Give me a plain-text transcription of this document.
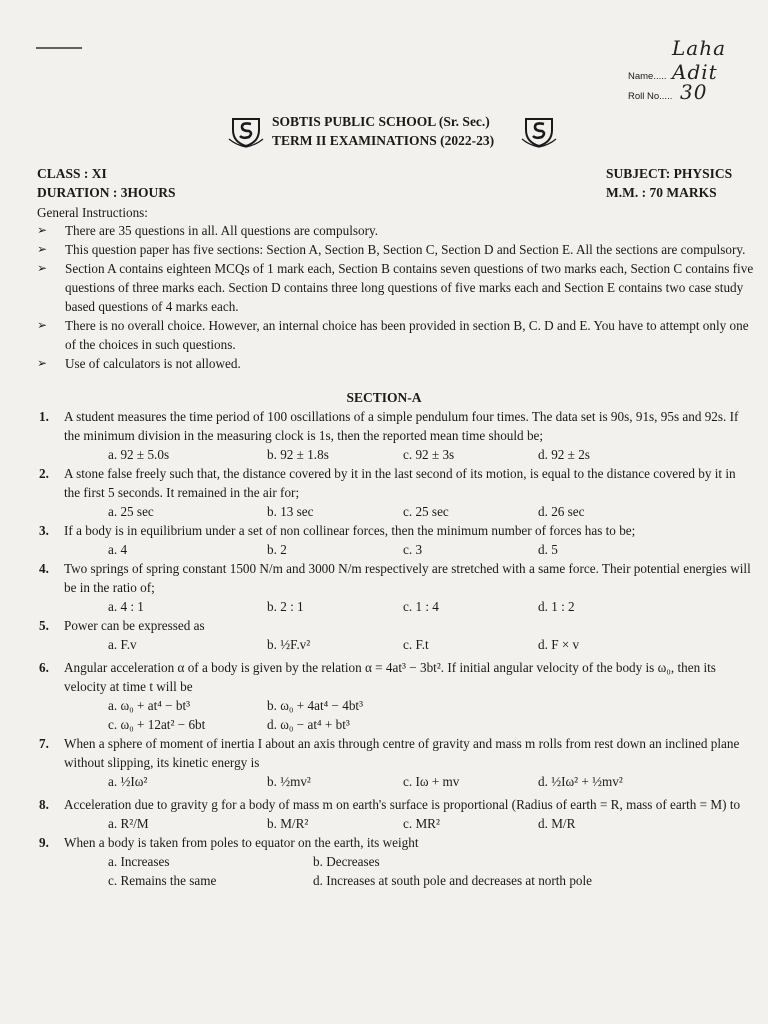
Name.....
Laha Adit
Roll No..... 30
SOBTIS PUBLIC SCHOOL (Sr. Sec.)
TERM II EXAMINATIONS (2022-23)
CLASS : XI
DURATION : 3HOURS
SUBJECT: PHYSICS
M.M. : 70 MARKS
General Instructions:
➢ There are 35 questions in all. All questions are compulsory.
➢ This question paper has five sections: Section A, Section B, Section C, Section D and Section E. All the sections are compulsory.
➢ Section A contains eighteen MCQs of 1 mark each, Section B contains seven questions of two marks each, Section C contains five questions of three marks each. Section D contains three long questions of five marks each and Section E contains two case study based questions of 4 marks each.
➢ There is no overall choice. However, an internal choice has been provided in section B, C. D and E. You have to attempt only one of the choices in such questions.
➢ Use of calculators is not allowed.
SECTION-A
1. A student measures the time period of 100 oscillations of a simple pendulum four times. The data set is 90s, 91s, 95s and 92s. If the minimum division in the measuring clock is 1s, then the reported mean time should be;
a. 92 ± 5.0s	b. 92 ± 1.8s	c. 92 ± 3s	d. 92 ± 2s
2. A stone false freely such that, the distance covered by it in the last second of its motion, is equal to the distance covered by it in the first 5 seconds. It remained in the air for;
a. 25 sec	b. 13 sec	c. 25 sec	d. 26 sec
3. If a body is in equilibrium under a set of non collinear forces, then the minimum number of forces has to be;
a. 4	b. 2	c. 3	d. 5
4. Two springs of spring constant 1500 N/m and 3000 N/m respectively are stretched with a same force. Their potential energies will be in the ratio of;
a. 4 : 1	b. 2 : 1	c. 1 : 4	d. 1 : 2
5. Power can be expressed as
a. F.v	b. ½F.v²	c. F.t	d. F × v
6. Angular acceleration α of a body is given by the relation α = 4at³ − 3bt². If initial angular velocity of the body is ω₀, then its velocity at time t will be
a. ω₀ + at⁴ − bt³	b. ω₀ + 4at⁴ − 4bt³
c. ω₀ + 12at² − 6bt	d. ω₀ − at⁴ + bt³
7. When a sphere of moment of inertia I about an axis through centre of gravity and mass m rolls from rest down an inclined plane without slipping, its kinetic energy is
a. ½Iω²	b. ½mv²	c. Iω + mv	d. ½Iω² + ½mv²
8. Acceleration due to gravity g for a body of mass m on earth's surface is proportional (Radius of earth = R, mass of earth = M) to
a. R²/M	b. M/R²	c. MR²	d. M/R
9. When a body is taken from poles to equator on the earth, its weight
a. Increases	b. Decreases
c. Remains the same	d. Increases at south pole and decreases at north pole
